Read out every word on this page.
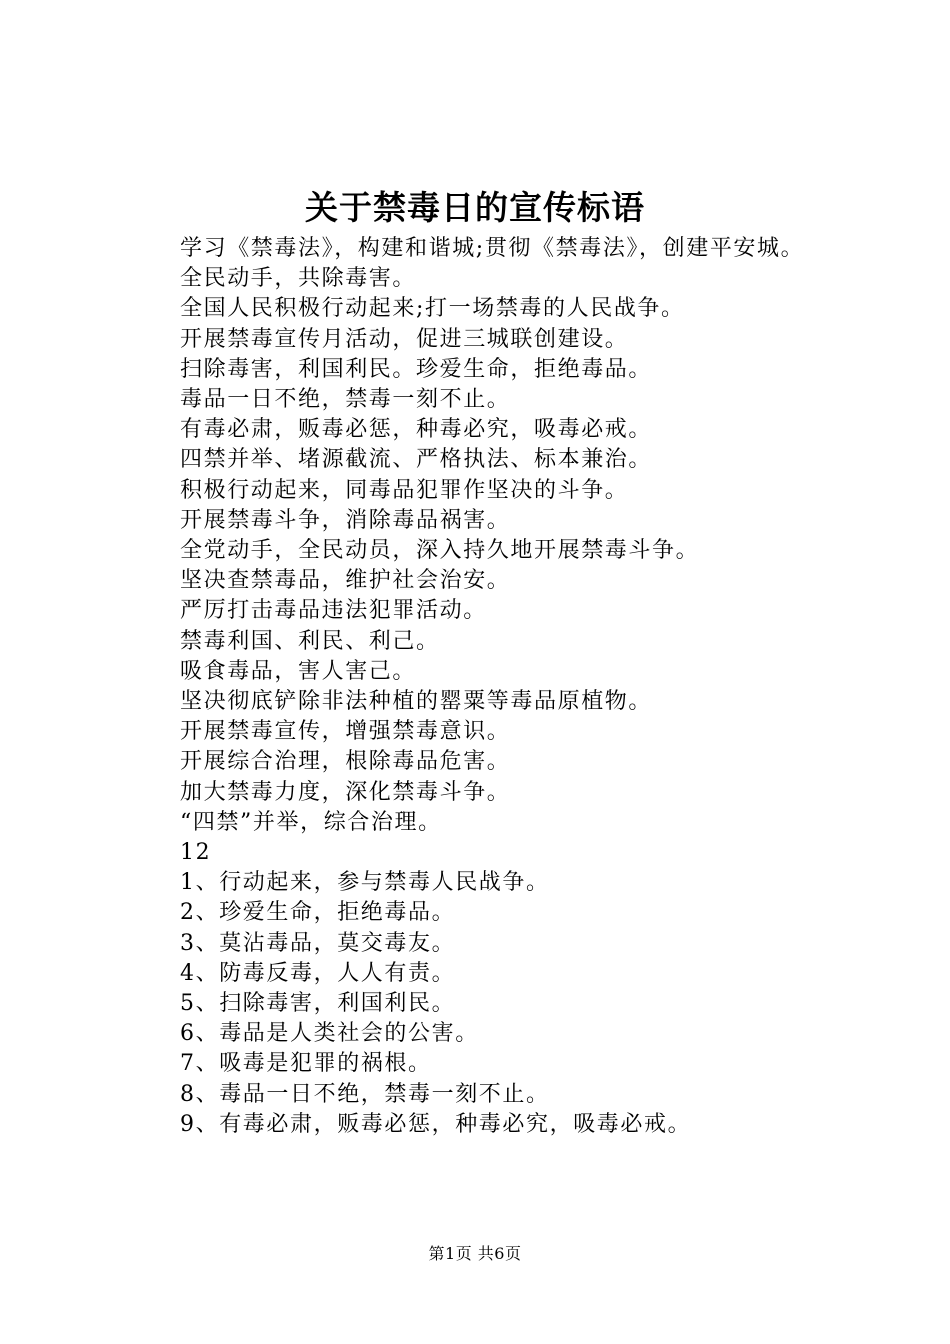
关于禁毒日的宣传标语

学习《禁毒法》，构建和谐城;贯彻《禁毒法》，创建平安城。

全民动手，共除毒害。

全国人民积极行动起来;打一场禁毒的人民战争。

开展禁毒宣传月活动，促进三城联创建设。

扫除毒害，利国利民。珍爱生命，拒绝毒品。

毒品一日不绝，禁毒一刻不止。

有毒必肃，贩毒必惩，种毒必究，吸毒必戒。

四禁并举、堵源截流、严格执法、标本兼治。

积极行动起来，同毒品犯罪作坚决的斗争。

开展禁毒斗争，消除毒品祸害。

全党动手，全民动员，深入持久地开展禁毒斗争。

坚决查禁毒品，维护社会治安。

严厉打击毒品违法犯罪活动。

禁毒利国、利民、利己。

吸食毒品，害人害己。

坚决彻底铲除非法种植的罂粟等毒品原植物。

开展禁毒宣传，增强禁毒意识。

开展综合治理，根除毒品危害。

加大禁毒力度，深化禁毒斗争。

“四禁”并举，综合治理。

12

1、行动起来，参与禁毒人民战争。

2、珍爱生命，拒绝毒品。

3、莫沾毒品，莫交毒友。

4、防毒反毒，人人有责。

5、扫除毒害，利国利民。

6、毒品是人类社会的公害。

7、吸毒是犯罪的祸根。

8、毒品一日不绝，禁毒一刻不止。

9、有毒必肃，贩毒必惩，种毒必究，吸毒必戒。

第1页 共6页
